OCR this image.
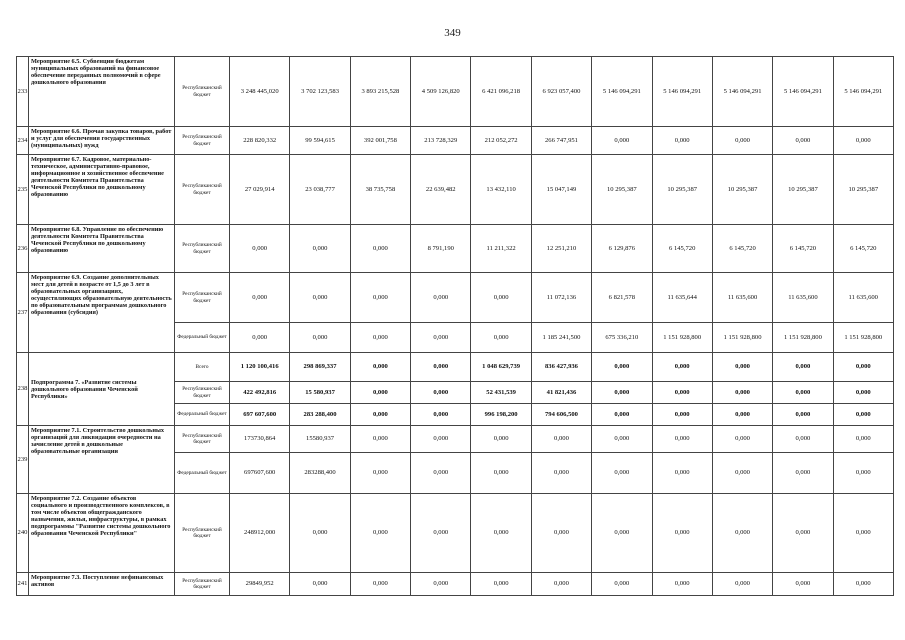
349
233	Мероприятие 6.5. Субвенции бюджетам муниципальных образований на финансовое обеспечение переданных полномочий в сфере дошкольного образования	Республиканский бюджет	3 248 445,020	3 702 123,583	3 893 215,528	4 509 126,820	6 421 096,218	6 923 057,400	5 146 094,291	5 146 094,291	5 146 094,291	5 146 094,291	5 146 094,291
234	Мероприятие 6.6. Прочая закупка товаров, работ и услуг для обеспечения государственных (муниципальных) нужд	Республиканский бюджет	228 820,332	99 594,615	392 001,758	213 728,329	212 052,272	266 747,951	0,000	0,000	0,000	0,000	0,000
235	Мероприятие 6.7. Кадровое, материально-техническое, административно-правовое, информационное и хозяйственное обеспечение деятельности Комитета Правительства Чеченской Республики по дошкольному образованию	Республиканский бюджет	27 029,914	23 038,777	38 735,758	22 639,482	13 432,110	15 047,149	10 295,387	10 295,387	10 295,387	10 295,387	10 295,387
236	Мероприятие 6.8. Управление по обеспечению деятельности Комитета Правительства Чеченской Республики по дошкольному образованию	Республиканский бюджет	0,000	0,000	0,000	8 791,190	11 211,322	12 251,210	6 129,876	6 145,720	6 145,720	6 145,720	6 145,720
237	Мероприятие 6.9. Создание дополнительных мест для детей в возрасте от 1,5 до 3 лет в образовательных организациях, осуществляющих образовательную деятельность по образовательным программам дошкольного образования (субсидия)	Республиканский бюджет	0,000	0,000	0,000	0,000	0,000	11 072,136	6 821,578	11 635,644	11 635,600	11 635,600	11 635,600
		Федеральный бюджет	0,000	0,000	0,000	0,000	0,000	1 185 241,500	675 336,210	1 151 928,800	1 151 928,800	1 151 928,800	1 151 928,800
238	Подпрограмма 7. «Развитие системы дошкольного образования Чеченской Республики»	Всего	1 120 100,416	298 869,337	0,000	0,000	1 048 629,739	836 427,936	0,000	0,000	0,000	0,000	0,000
		Республиканский бюджет	422 492,816	15 580,937	0,000	0,000	52 431,539	41 821,436	0,000	0,000	0,000	0,000	0,000
		Федеральный бюджет	697 607,600	283 288,400	0,000	0,000	996 198,200	794 606,500	0,000	0,000	0,000	0,000	0,000
239	Мероприятие 7.1. Строительство дошкольных организаций для ликвидации очередности на зачисление детей в дошкольные образовательные организации	Республиканский бюджет	173730,864	15580,937	0,000	0,000	0,000	0,000	0,000	0,000	0,000	0,000	0,000
		Федеральный бюджет	697607,600	283288,400	0,000	0,000	0,000	0,000	0,000	0,000	0,000	0,000	0,000
240	Мероприятие 7.2. Создание объектов социального и производственного комплексов, в том числе объектов общегражданского назначения, жилья, инфраструктуры, в рамках подпрограммы "Развитие системы дошкольного образования Чеченской Республики"	Республиканский бюджет	248912,000	0,000	0,000	0,000	0,000	0,000	0,000	0,000	0,000	0,000	0,000
241	Мероприятие 7.3. Поступление нефинансовых активов	Республиканский бюджет	29849,952	0,000	0,000	0,000	0,000	0,000	0,000	0,000	0,000	0,000	0,000
